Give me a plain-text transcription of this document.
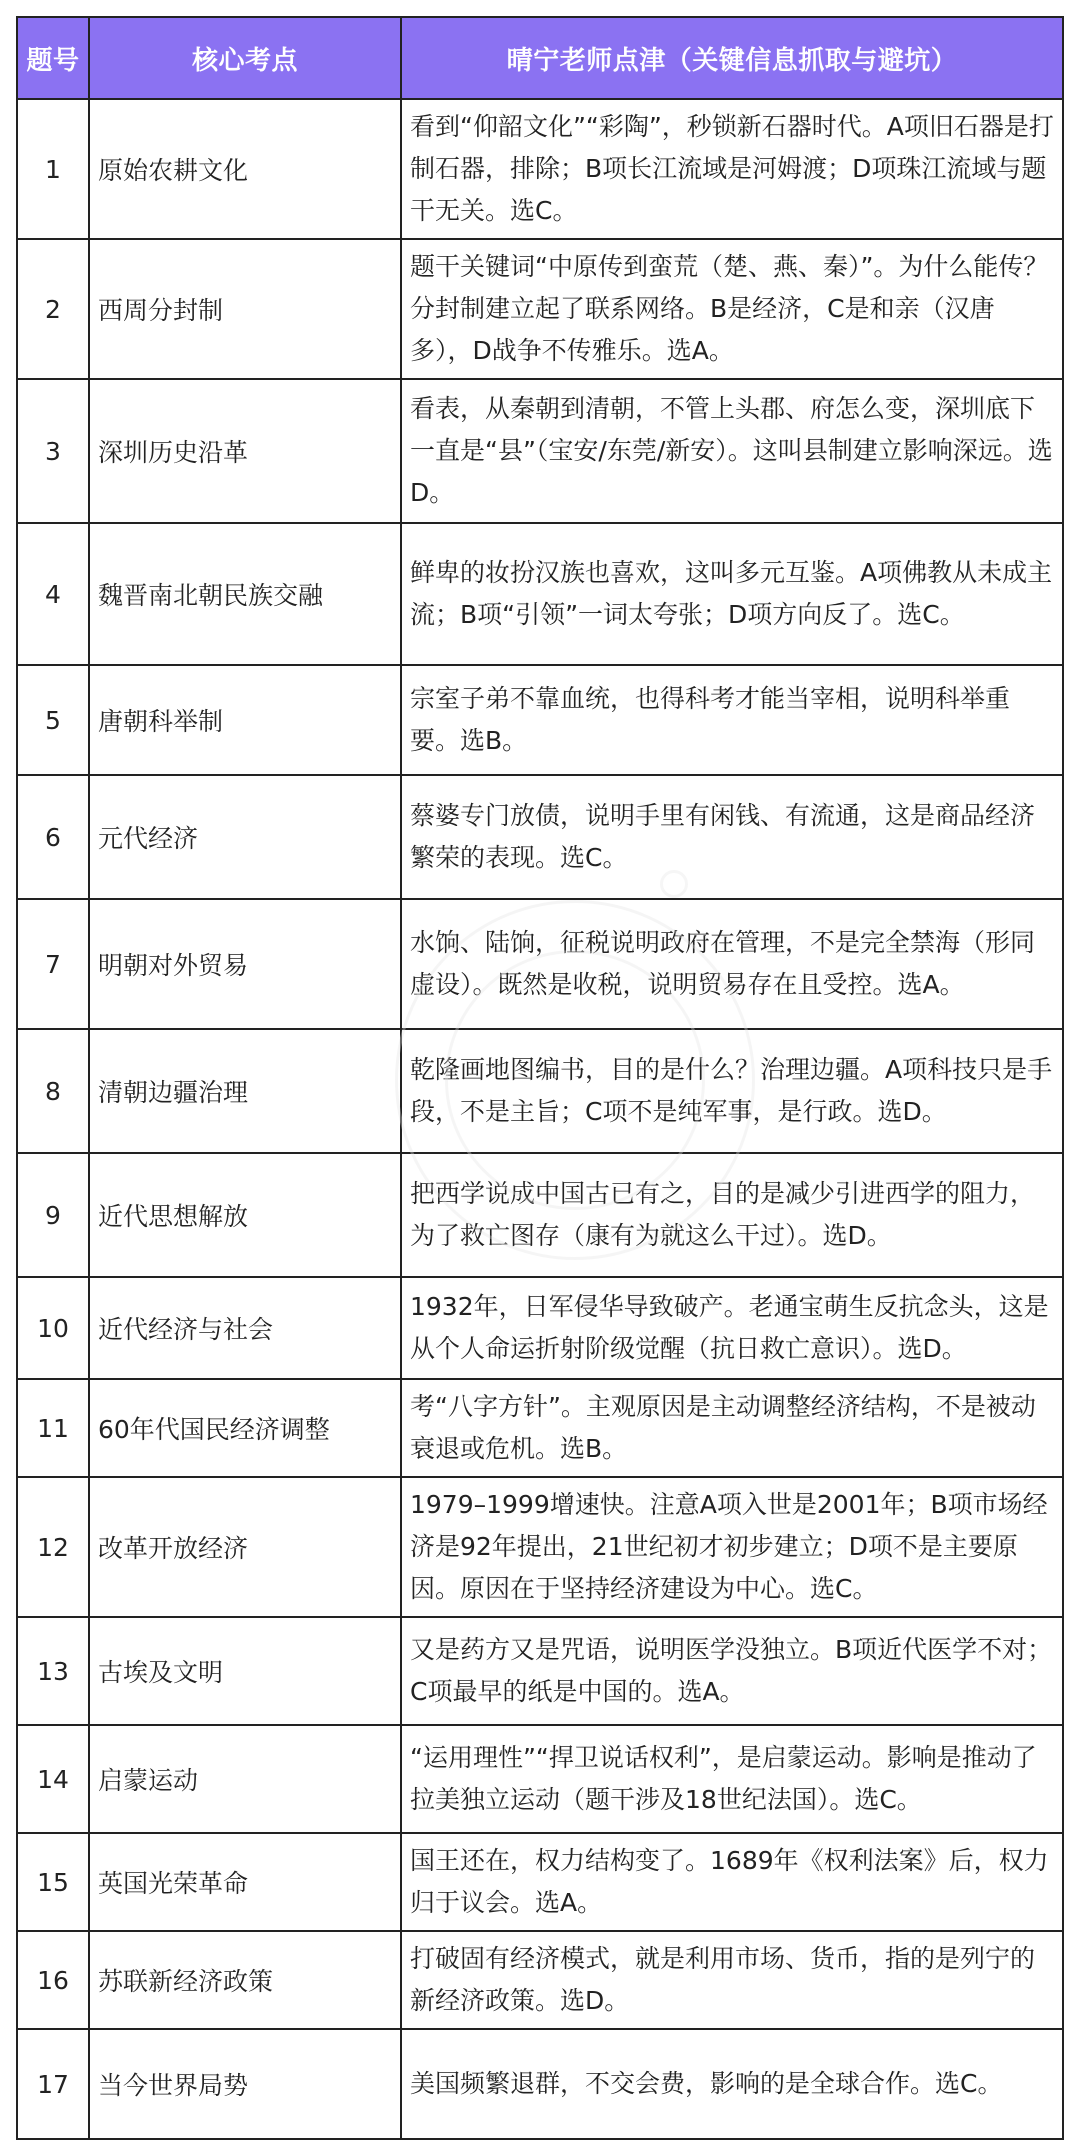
题号	核心考点	晴宁老师点津（关键信息抓取与避坑）
1	原始农耕文化	看到“仰韶文化”“彩陶”，秒锁新石器时代。A项旧石器是打制石器，排除；B项长江流域是河姆渡；D项珠江流域与题干无关。选C。
2	西周分封制	题干关键词“中原传到蛮荒（楚、燕、秦）”。为什么能传？分封制建立起了联系网络。B是经济，C是和亲（汉唐多），D战争不传雅乐。选A。
3	深圳历史沿革	看表，从秦朝到清朝，不管上头郡、府怎么变，深圳底下一直是“县”（宝安/东莞/新安）。这叫县制建立影响深远。选D。
4	魏晋南北朝民族交融	鲜卑的妆扮汉族也喜欢，这叫多元互鉴。A项佛教从未成主流；B项“引领”一词太夸张；D项方向反了。选C。
5	唐朝科举制	宗室子弟不靠血统，也得科考才能当宰相，说明科举重要。选B。
6	元代经济	蔡婆专门放债，说明手里有闲钱、有流通，这是商品经济繁荣的表现。选C。
7	明朝对外贸易	水饷、陆饷，征税说明政府在管理，不是完全禁海（形同虚设）。既然是收税，说明贸易存在且受控。选A。
8	清朝边疆治理	乾隆画地图编书，目的是什么？治理边疆。A项科技只是手段，不是主旨；C项不是纯军事，是行政。选D。
9	近代思想解放	把西学说成中国古已有之，目的是减少引进西学的阻力，为了救亡图存（康有为就这么干过）。选D。
10	近代经济与社会	1932年，日军侵华导致破产。老通宝萌生反抗念头，这是从个人命运折射阶级觉醒（抗日救亡意识）。选D。
11	60年代国民经济调整	考“八字方针”。主观原因是主动调整经济结构，不是被动衰退或危机。选B。
12	改革开放经济	1979–1999增速快。注意A项入世是2001年；B项市场经济是92年提出，21世纪初才初步建立；D项不是主要原因。原因在于坚持经济建设为中心。选C。
13	古埃及文明	又是药方又是咒语，说明医学没独立。B项近代医学不对；C项最早的纸是中国的。选A。
14	启蒙运动	“运用理性”“捍卫说话权利”，是启蒙运动。影响是推动了拉美独立运动（题干涉及18世纪法国）。选C。
15	英国光荣革命	国王还在，权力结构变了。1689年《权利法案》后，权力归于议会。选A。
16	苏联新经济政策	打破固有经济模式，就是利用市场、货币，指的是列宁的新经济政策。选D。
17	当今世界局势	美国频繁退群，不交会费，影响的是全球合作。选C。
